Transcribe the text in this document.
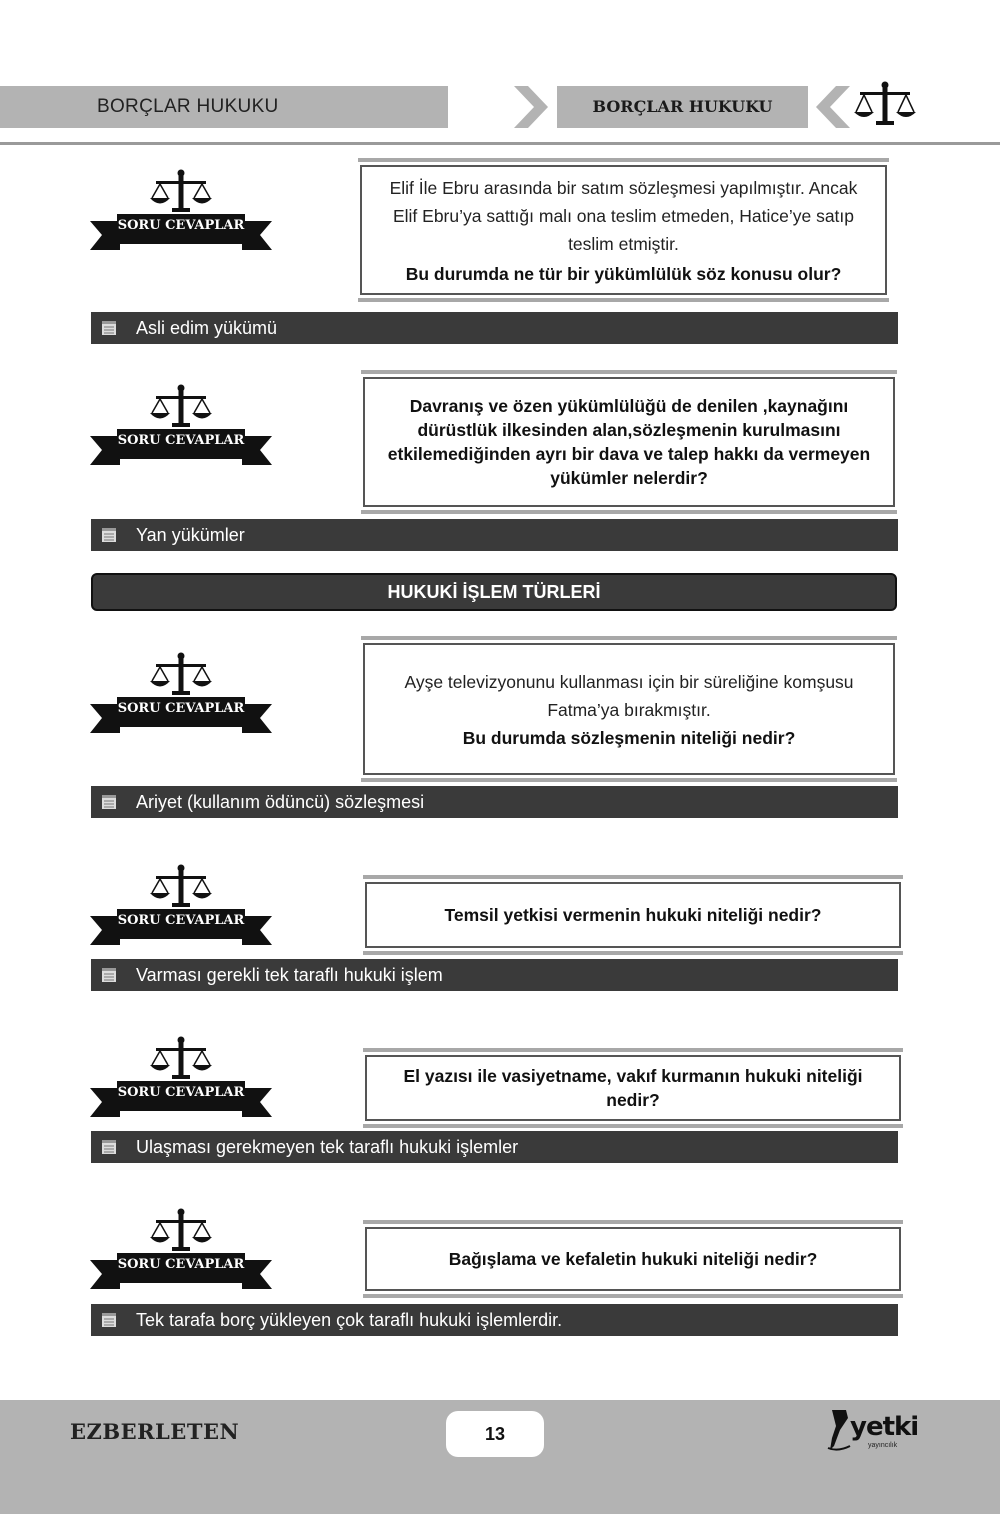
BORÇLAR HUKUKU	BORÇLAR HUKUKU
SORU CEVAPLAR
Elif İle Ebru arasında bir satım sözleşmesi yapılmıştır. Ancak
Elif Ebru’ya sattığı malı ona teslim etmeden, Hatice’ye satıp
teslim etmiştir.
Bu durumda ne tür bir yükümlülük söz konusu olur?
Asli edim yükümü
SORU CEVAPLAR
Davranış ve özen yükümlülüğü de denilen ,kaynağını
dürüstlük ilkesinden alan,sözleşmenin kurulmasını
etkilemediğinden ayrı bir dava ve talep hakkı da vermeyen
yükümler nelerdir?
Yan yükümler
HUKUKİ İŞLEM TÜRLERİ
SORU CEVAPLAR
Ayşe televizyonunu kullanması için bir süreliğine komşusu
Fatma’ya bırakmıştır.
Bu durumda sözleşmenin niteliği nedir?
Ariyet (kullanım ödüncü) sözleşmesi
SORU CEVAPLAR	Temsil yetkisi vermenin hukuki niteliği nedir?
Varması gerekli tek taraflı hukuki işlem
SORU CEVAPLAR
El yazısı ile vasiyetname, vakıf kurmanın hukuki niteliği
nedir?
Ulaşması gerekmeyen tek taraflı hukuki işlemler
SORU CEVAPLAR	Bağışlama ve kefaletin hukuki niteliği nedir?
Tek tarafa borç yükleyen çok taraflı hukuki işlemlerdir.
EZBERLETEN	13	yetki
yayıncılık
